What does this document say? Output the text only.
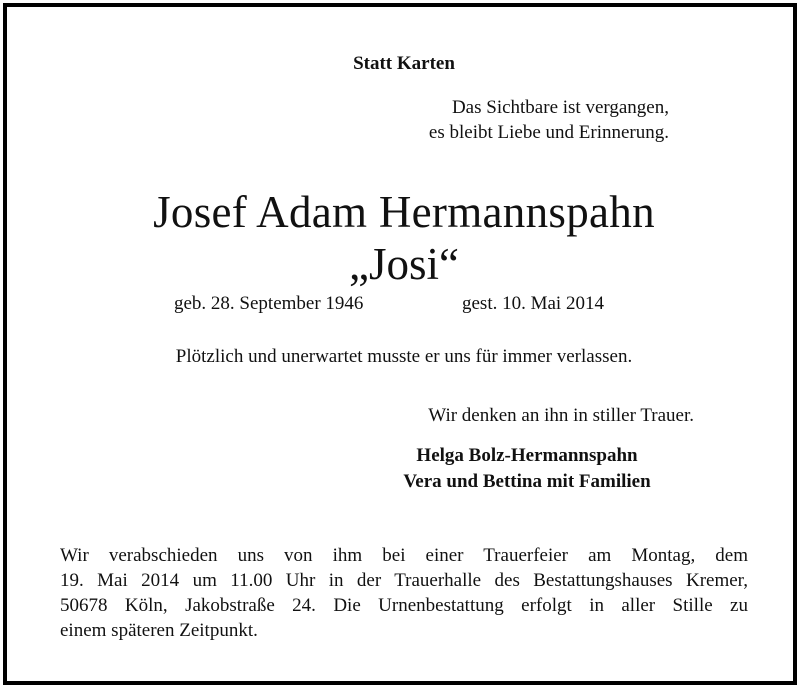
Statt Karten
Das Sichtbare ist vergangen,
es bleibt Liebe und Erinnerung.
Josef Adam Hermannspahn
„Josi“
geb. 28. September 1946	gest. 10. Mai 2014
Plötzlich und unerwartet musste er uns für immer verlassen.
Wir denken an ihn in stiller Trauer.
Helga Bolz-Hermannspahn
Vera und Bettina mit Familien
Wir verabschieden uns von ihm bei einer Trauerfeier am Montag, dem
19. Mai 2014 um 11.00 Uhr in der Trauerhalle des Bestattungshauses Kremer,
50678 Köln, Jakobstraße 24. Die Urnenbestattung erfolgt in aller Stille zu
einem späteren Zeitpunkt.
